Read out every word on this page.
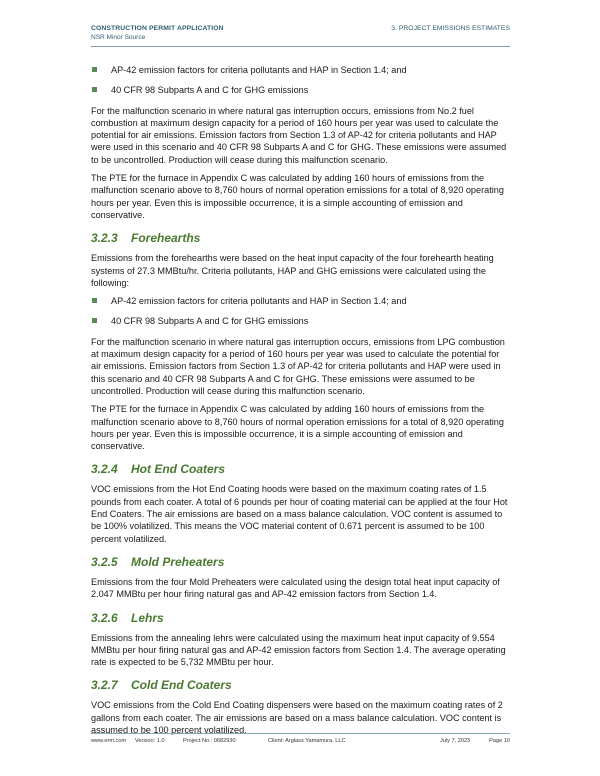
CONSTRUCTION PERMIT APPLICATION
NSR Minor Source
3. PROJECT EMISSIONS ESTIMATES
AP-42 emission factors for criteria pollutants and HAP in Section 1.4; and
40 CFR 98 Subparts A and C for GHG emissions

For the malfunction scenario in where natural gas interruption occurs, emissions from No.2 fuel combustion at maximum design capacity for a period of 160 hours per year was used to calculate the potential for air emissions. Emission factors from Section 1.3 of AP-42 for criteria pollutants and HAP were used in this scenario and 40 CFR 98 Subparts A and C for GHG. These emissions were assumed to be uncontrolled. Production will cease during this malfunction scenario.

The PTE for the furnace in Appendix C was calculated by adding 160 hours of emissions from the malfunction scenario above to 8,760 hours of normal operation emissions for a total of 8,920 operating hours per year. Even this is impossible occurrence, it is a simple accounting of emission and conservative.

3.2.3 Forehearths

Emissions from the forehearths were based on the heat input capacity of the four forehearth heating systems of 27.3 MMBtu/hr. Criteria pollutants, HAP and GHG emissions were calculated using the following:

AP-42 emission factors for criteria pollutants and HAP in Section 1.4; and
40 CFR 98 Subparts A and C for GHG emissions

For the malfunction scenario in where natural gas interruption occurs, emissions from LPG combustion at maximum design capacity for a period of 160 hours per year was used to calculate the potential for air emissions. Emission factors from Section 1.3 of AP-42 for criteria pollutants and HAP were used in this scenario and 40 CFR 98 Subparts A and C for GHG. These emissions were assumed to be uncontrolled. Production will cease during this malfunction scenario.

The PTE for the furnace in Appendix C was calculated by adding 160 hours of emissions from the malfunction scenario above to 8,760 hours of normal operation emissions for a total of 8,920 operating hours per year. Even this is impossible occurrence, it is a simple accounting of emission and conservative.

3.2.4 Hot End Coaters

VOC emissions from the Hot End Coating hoods were based on the maximum coating rates of 1.5 pounds from each coater. A total of 6 pounds per hour of coating material can be applied at the four Hot End Coaters. The air emissions are based on a mass balance calculation. VOC content is assumed to be 100% volatilized. This means the VOC material content of 0.671 percent is assumed to be 100 percent volatilized.

3.2.5 Mold Preheaters

Emissions from the four Mold Preheaters were calculated using the design total heat input capacity of 2.047 MMBtu per hour firing natural gas and AP-42 emission factors from Section 1.4.

3.2.6 Lehrs

Emissions from the annealing lehrs were calculated using the maximum heat input capacity of 9.554 MMBtu per hour firing natural gas and AP-42 emission factors from Section 1.4. The average operating rate is expected to be 5,732 MMBtu per hour.

3.2.7 Cold End Coaters

VOC emissions from the Cold End Coating dispensers were based on the maximum coating rates of 2 gallons from each coater. The air emissions are based on a mass balance calculation. VOC content is assumed to be 100 percent volatilized.

www.erm.com Version: 1.0	Project No.: 0682930	Client: Arglass Yamamura, LLC	July 7, 2023	Page 10
